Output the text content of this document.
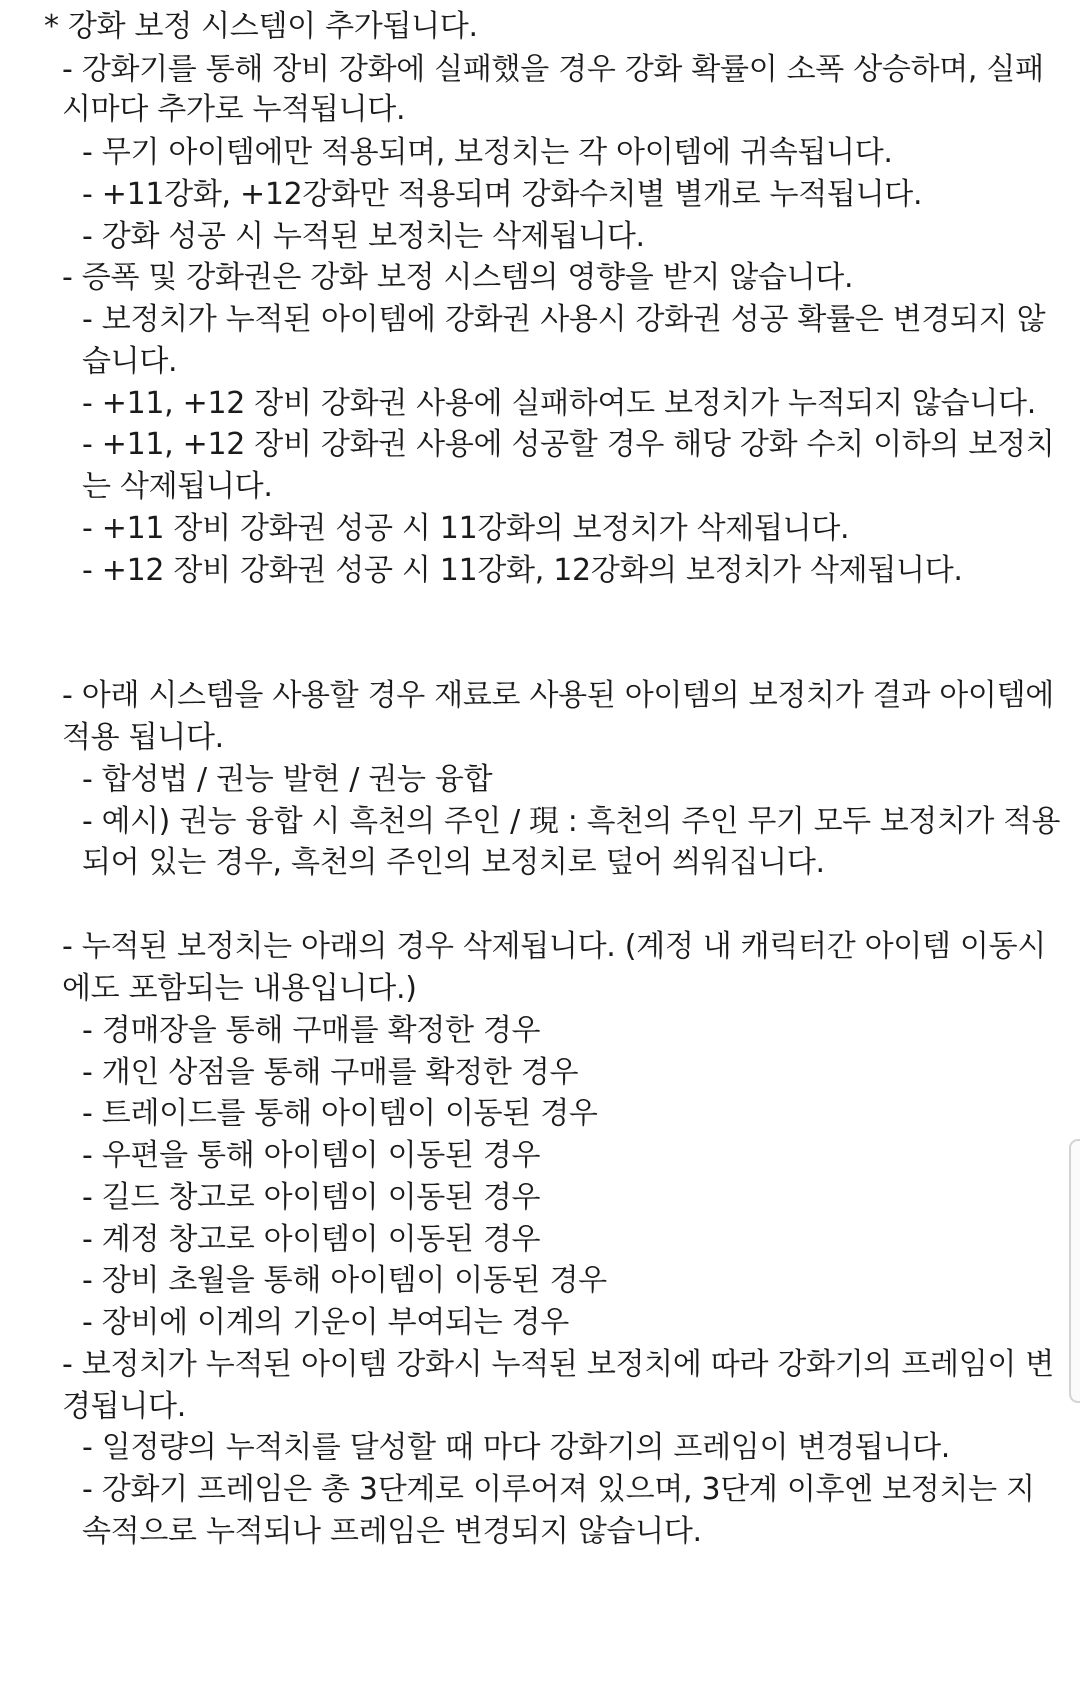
* 강화 보정 시스템이 추가됩니다.
- 강화기를 통해 장비 강화에 실패했을 경우 강화 확률이 소폭 상승하며, 실패
시마다 추가로 누적됩니다.
- 무기 아이템에만 적용되며, 보정치는 각 아이템에 귀속됩니다.
- +11강화, +12강화만 적용되며 강화수치별 별개로 누적됩니다.
- 강화 성공 시 누적된 보정치는 삭제됩니다.
- 증폭 및 강화권은 강화 보정 시스템의 영향을 받지 않습니다.
- 보정치가 누적된 아이템에 강화권 사용시 강화권 성공 확률은 변경되지 않
습니다.
- +11, +12 장비 강화권 사용에 실패하여도 보정치가 누적되지 않습니다.
- +11, +12 장비 강화권 사용에 성공할 경우 해당 강화 수치 이하의 보정치
는 삭제됩니다.
- +11 장비 강화권 성공 시 11강화의 보정치가 삭제됩니다.
- +12 장비 강화권 성공 시 11강화, 12강화의 보정치가 삭제됩니다.
- 아래 시스템을 사용할 경우 재료로 사용된 아이템의 보정치가 결과 아이템에
적용 됩니다.
- 합성법 / 권능 발현 / 권능 융합
- 예시) 권능 융합 시 흑천의 주인 / 現 : 흑천의 주인 무기 모두 보정치가 적용
되어 있는 경우, 흑천의 주인의 보정치로 덮어 씌워집니다.
- 누적된 보정치는 아래의 경우 삭제됩니다. (계정 내 캐릭터간 아이템 이동시
에도 포함되는 내용입니다.)
- 경매장을 통해 구매를 확정한 경우
- 개인 상점을 통해 구매를 확정한 경우
- 트레이드를 통해 아이템이 이동된 경우
- 우편을 통해 아이템이 이동된 경우
- 길드 창고로 아이템이 이동된 경우
- 계정 창고로 아이템이 이동된 경우
- 장비 초월을 통해 아이템이 이동된 경우
- 장비에 이계의 기운이 부여되는 경우
- 보정치가 누적된 아이템 강화시 누적된 보정치에 따라 강화기의 프레임이 변
경됩니다.
- 일정량의 누적치를 달성할 때 마다 강화기의 프레임이 변경됩니다.
- 강화기 프레임은 총 3단계로 이루어져 있으며, 3단계 이후엔 보정치는 지
속적으로 누적되나 프레임은 변경되지 않습니다.
